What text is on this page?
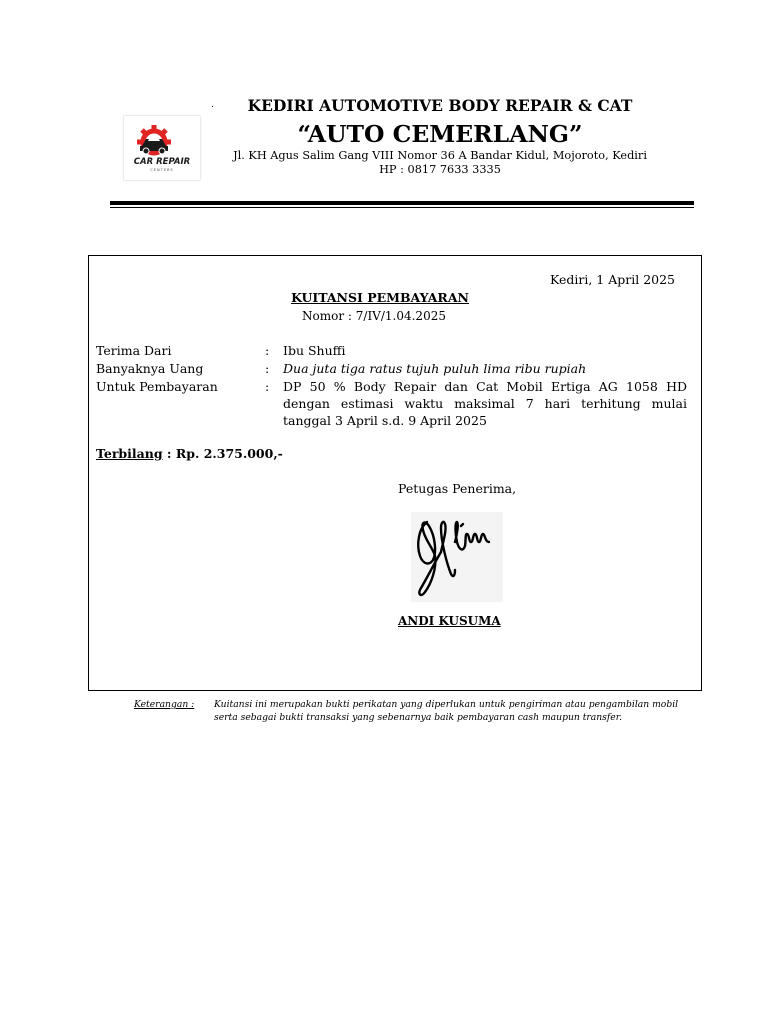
.
CAR REPAIR
CENTERS
KEDIRI AUTOMOTIVE BODY REPAIR & CAT
“AUTO CEMERLANG”
Jl. KH Agus Salim Gang VIII Nomor 36 A Bandar Kidul, Mojoroto, Kediri
HP : 0817 7633 3335
Kediri, 1 April 2025
KUITANSI PEMBAYARAN
Nomor : 7/IV/1.04.2025
Terima Dari	: Ibu Shuffi
Banyaknya Uang	: Dua juta tiga ratus tujuh puluh lima ribu rupiah
Untuk Pembayaran	: DP 50 % Body Repair dan Cat Mobil Ertiga AG 1058 HD dengan estimasi waktu maksimal 7 hari terhitung mulai tanggal 3 April s.d. 9 April 2025
Terbilang : Rp. 2.375.000,-
Petugas Penerima,
ANDI KUSUMA
Keterangan : Kuitansi ini merupakan bukti perikatan yang diperlukan untuk pengiriman atau pengambilan mobil serta sebagai bukti transaksi yang sebenarnya baik pembayaran cash maupun transfer.
